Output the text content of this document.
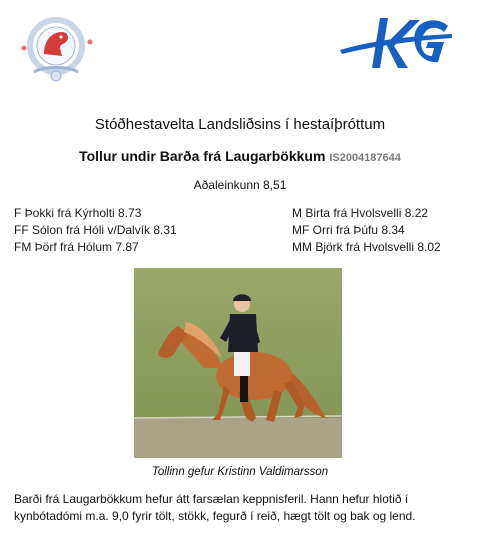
Stóðhestavelta Landsliðsins í hestaíþróttum
Tollur undir Barða frá Laugarbökkum IS2004187644
Aðaleinkunn 8,51
F Þokki frá Kýrholti 8.73
FF Sólon frá Hóli v/Dalvík 8.31
FM Þörf frá Hólum 7.87
M Birta frá Hvolsvelli 8.22
MF Orri frá Þúfu 8.34
MM Björk frá Hvolsvelli 8.02
Tollinn gefur Kristinn Valdimarsson
Barði frá Laugarbökkum hefur átt farsælan keppnisferil. Hann hefur hlotið í kynbótadómi m.a. 9,0 fyrir tölt, stökk, fegurð í reið, hægt tölt og bak og lend.
